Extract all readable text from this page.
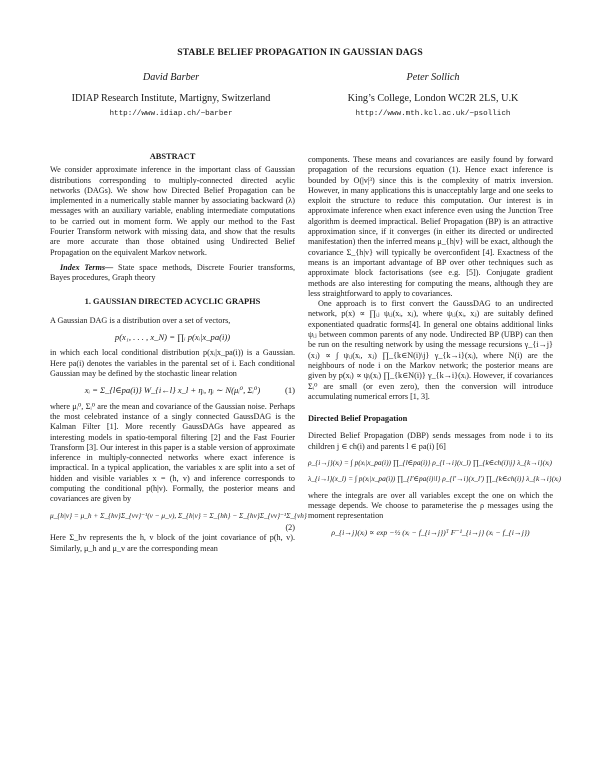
STABLE BELIEF PROPAGATION IN GAUSSIAN DAGS
David Barber
IDIAP Research Institute, Martigny, Switzerland
http://www.idiap.ch/~barber
Peter Sollich
King’s College, London WC2R 2LS, U.K
http://www.mth.kcl.ac.uk/~psollich
ABSTRACT

We consider approximate inference in the important class of Gaussian distributions corresponding to multiply-connected directed acylic networks (DAGs). We show how Directed Belief Propagation can be implemented in a numerically stable manner by associating backward (λ) messages with an auxiliary variable, enabling intermediate computations to be carried out in moment form. We apply our method to the Fast Fourier Transform network with missing data, and show that the results are more accurate than those obtained using Undirected Belief Propagation on the equivalent Markov network.

Index Terms— State space methods, Discrete Fourier transforms, Bayes procedures, Graph theory

1. GAUSSIAN DIRECTED ACYCLIC GRAPHS

A Gaussian DAG is a distribution over a set of vectors,

p(x₁, . . . , x_N) = ∏ᵢ p(xᵢ|x_pa(i))

in which each local conditional distribution p(xᵢ|x_pa(i)) is a Gaussian. Here pa(i) denotes the variables in the parental set of i. Each conditional Gaussian may be defined by the stochastic linear relation

xᵢ = Σ_{l∈pa(i)} W_{i←l} x_l + ηᵢ, ηᵢ ∼ N(μᵢ⁰, Σᵢ⁰)	(1)

where μᵢ⁰, Σᵢ⁰ are the mean and covariance of the Gaussian noise. Perhaps the most celebrated instance of a singly connected GaussDAG is the Kalman Filter [1]. More recently GaussDAGs have appeared as interesting models in spatio-temporal filtering [2] and the Fast Fourier Transform [3]. Our interest in this paper is a stable version of approximate inference in multiply-connected networks where exact inference is impractical. In a typical application, the variables x are split into a set of hidden and visible variables x = (h, v) and inference corresponds to computing the conditional p(h|v). Formally, the posterior means and covariances are given by

μ_{h|v} = μ_h + Σ_{hv}Σ_{vv}⁻¹(v − μ_v), Σ_{h|v} = Σ_{hh} − Σ_{hv}Σ_{vv}⁻¹Σ_{vh}
(2)

Here Σ_hv represents the h, v block of the joint covariance of p(h, v). Similarly, μ_h and μ_v are the corresponding mean

components. These means and covariances are easily found by forward propagation of the recursions equation (1). Hence exact inference is bounded by O(|v|³) since this is the complexity of matrix inversion. However, in many applications this is unacceptably large and one seeks to exploit the structure to reduce this computation. Our interest is in approximate inference when exact inference even using the Junction Tree algorithm is deemed impractical. Belief Propagation (BP) is an attractive approximation since, if it converges (in either its directed or undirected manifestation) then the inferred means μ_{h|v} will be exact, although the covariance Σ_{h|v} will typically be overconfident [4]. Exactness of the means is an important advantage of BP over other techniques such as approximate block factorisations (see e.g. [5]). Conjugate gradient methods are also interesting for computing the means, although they are less straightforward to apply to covariances.

One approach is to first convert the GaussDAG to an undirected network, p(x) ∝ ∏ᵢⱼ ψᵢⱼ(xᵢ, xⱼ), where ψᵢⱼ(xᵢ, xⱼ) are suitably defined exponentiated quadratic forms[4]. In general one obtains additional links ψᵢⱼ between common parents of any node. Undirected BP (UBP) can then be run on the resulting network by using the message recursions γ_{i→j}(xⱼ) ∝ ∫ ψᵢⱼ(xᵢ, xⱼ) ∏_{k∈N(i)\j} γ_{k→i}(xᵢ), where N(i) are the neighbours of node i on the Markov network; the posterior means are given by p(xᵢ) ∝ ψᵢ(xᵢ) ∏_{k∈N(i)} γ_{k→i}(xᵢ). However, if covariances Σᵢ⁰ are small (or even zero), then the conversion will introduce accumulating numerical errors [1, 3].

Directed Belief Propagation

Directed Belief Propagation (DBP) sends messages from node i to its children j ∈ ch(i) and parents l ∈ pa(i) [6]

ρ_{i→j}(xᵢ) = ∫ p(xᵢ|x_pa(i)) ∏_{l∈pa(i)} ρ_{l→i}(x_l) ∏_{k∈ch(i)\j} λ_{k→i}(xᵢ)
λ_{i→l}(x_l) = ∫ p(xᵢ|x_pa(i)) ∏_{l′∈pa(i)\l} ρ_{l′→i}(x_l′) ∏_{k∈ch(i)} λ_{k→i}(xᵢ)

where the integrals are over all variables except the one on which the message depends. We choose to parameterise the ρ messages using the moment representation

ρ_{i→j}(xᵢ) ∝ exp −½ (xᵢ − f_{i→j})ᵀ F⁻¹_{i→j} (xᵢ − f_{i→j})
